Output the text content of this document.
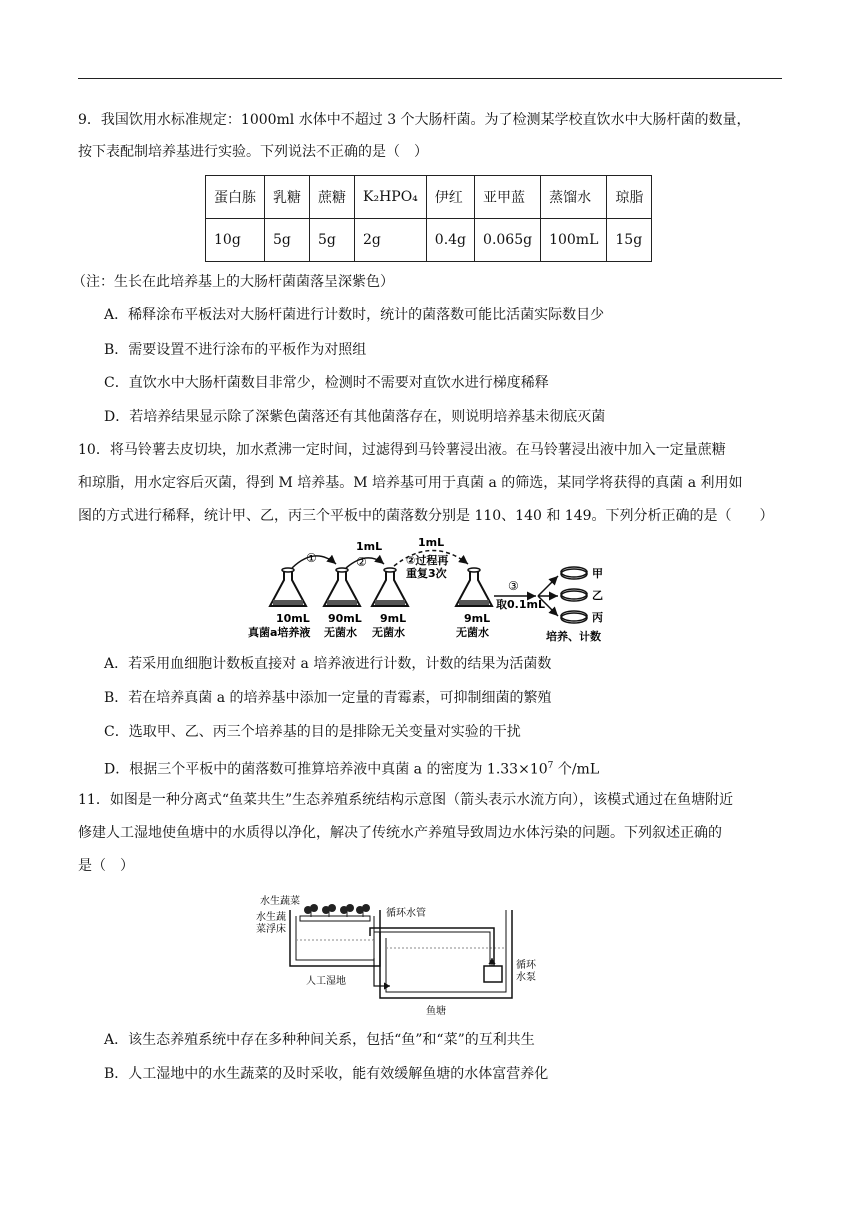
9．我国饮用水标准规定：1000ml 水体中不超过 3 个大肠杆菌。为了检测某学校直饮水中大肠杆菌的数量，
按下表配制培养基进行实验。下列说法不正确的是（　）
蛋白胨	乳糖	蔗糖	K₂HPO₄	伊红	亚甲蓝	蒸馏水	琼脂
10g	5g	5g	2g	0.4g	0.065g	100mL	15g
（注：生长在此培养基上的大肠杆菌菌落呈深紫色）
A．稀释涂布平板法对大肠杆菌进行计数时，统计的菌落数可能比活菌实际数目少
B．需要设置不进行涂布的平板作为对照组
C．直饮水中大肠杆菌数目非常少，检测时不需要对直饮水进行梯度稀释
D．若培养结果显示除了深紫色菌落还有其他菌落存在，则说明培养基未彻底灭菌
10．将马铃薯去皮切块，加水煮沸一定时间，过滤得到马铃薯浸出液。在马铃薯浸出液中加入一定量蔗糖
和琼脂，用水定容后灭菌，得到 M 培养基。M 培养基可用于真菌 a 的筛选，某同学将获得的真菌 a 利用如
图的方式进行稀释，统计甲、乙，丙三个平板中的菌落数分别是 110、140 和 149。下列分析正确的是（　　）
①	②
1mL	1mL
②过程再
重复3次
③
取0.1mL
甲
乙
丙
培养、计数
10mL
真菌a培养液
90mL
无菌水
9mL
无菌水
9mL
无菌水
A．若采用血细胞计数板直接对 a 培养液进行计数，计数的结果为活菌数
B．若在培养真菌 a 的培养基中添加一定量的青霉素，可抑制细菌的繁殖
C．选取甲、乙、丙三个培养基的目的是排除无关变量对实验的干扰
D．根据三个平板中的菌落数可推算培养液中真菌 a 的密度为 $1.33\times 10^7$ 个/mL
11．如图是一种分离式“鱼菜共生”生态养殖系统结构示意图（箭头表示水流方向），该模式通过在鱼塘附近
修建人工湿地使鱼塘中的水质得以净化，解决了传统水产养殖导致周边水体污染的问题。下列叙述正确的
是（　）
水生蔬菜
水生蔬
菜浮床
循环水管
人工湿地
鱼塘
循环
水泵
A．该生态养殖系统中存在多种种间关系，包括“鱼”和“菜”的互利共生
B．人工湿地中的水生蔬菜的及时采收，能有效缓解鱼塘的水体富营养化
